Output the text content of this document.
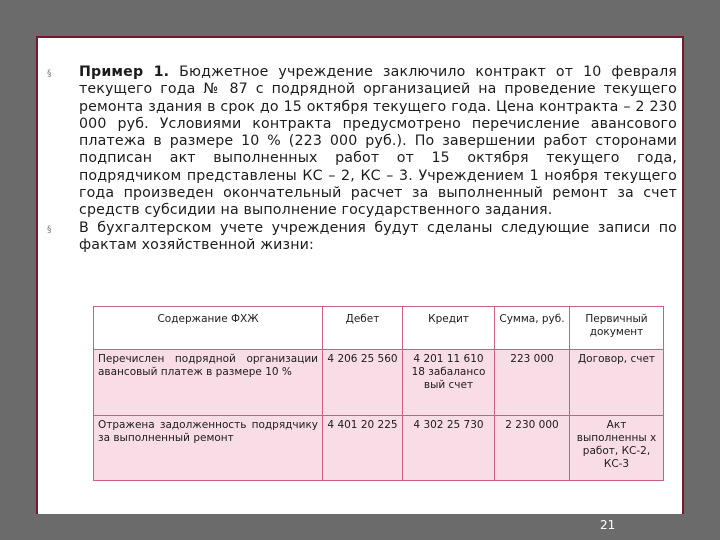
21
§	Пример 1. Бюджетное учреждение заключило контракт от 10 февраля текущего года № 87 с подрядной организацией на проведение текущего ремонта здания в срок до 15 октября текущего года. Цена контракта – 2 230 000 руб. Условиями контракта предусмотрено перечисление авансового платежа в размере 10 % (223 000 руб.). По завершении работ сторонами подписан акт выполненных работ от 15 октября текущего года, подрядчиком представлены КС – 2, КС – 3. Учреждением 1 ноября текущего года произведен окончательный расчет за выполненный ремонт за счет средств субсидии на выполнение государственного задания.
§	В бухгалтерском учете учреждения будут сделаны следующие записи по фактам хозяйственной жизни:
Содержание ФХЖ	Дебет	Кредит	Сумма, руб.	Первичный документ
Перечислен подрядной организации авансовый платеж в размере 10 %	4 206 25 560	4 201 11 610 18 забалансо вый счет	223 000	Договор, счет
Отражена задолженность подрядчику за выполненный ремонт	4 401 20 225	4 302 25 730	2 230 000	Акт выполненны х работ, КС-2, КС-3
